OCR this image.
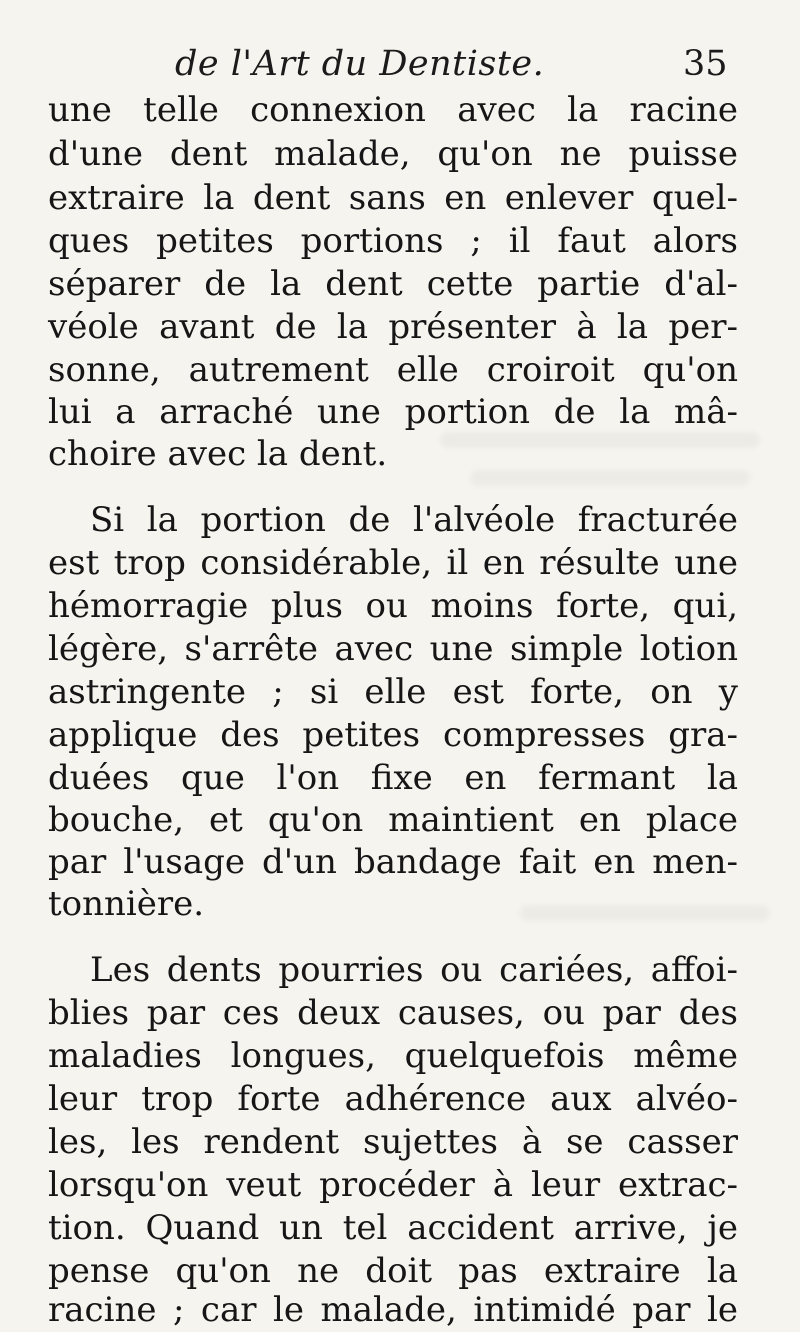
de l'Art du Dentiste.	35
une telle connexion avec la racine
d'une dent malade, qu'on ne puisse
extraire la dent sans en enlever quel-
ques petites portions ; il faut alors
séparer de la dent cette partie d'al-
véole avant de la présenter à la per-
sonne, autrement elle croiroit qu'on
lui a arraché une portion de la mâ-
choire avec la dent.
Si la portion de l'alvéole fracturée
est trop considérable, il en résulte une
hémorragie plus ou moins forte, qui,
légère, s'arrête avec une simple lotion
astringente ; si elle est forte, on y
applique des petites compresses gra-
duées que l'on fixe en fermant la
bouche, et qu'on maintient en place
par l'usage d'un bandage fait en men-
tonnière.
Les dents pourries ou cariées, affoi-
blies par ces deux causes, ou par des
maladies longues, quelquefois même
leur trop forte adhérence aux alvéo-
les, les rendent sujettes à se casser
lorsqu'on veut procéder à leur extrac-
tion. Quand un tel accident arrive, je
pense qu'on ne doit pas extraire la
racine ; car le malade, intimidé par le
